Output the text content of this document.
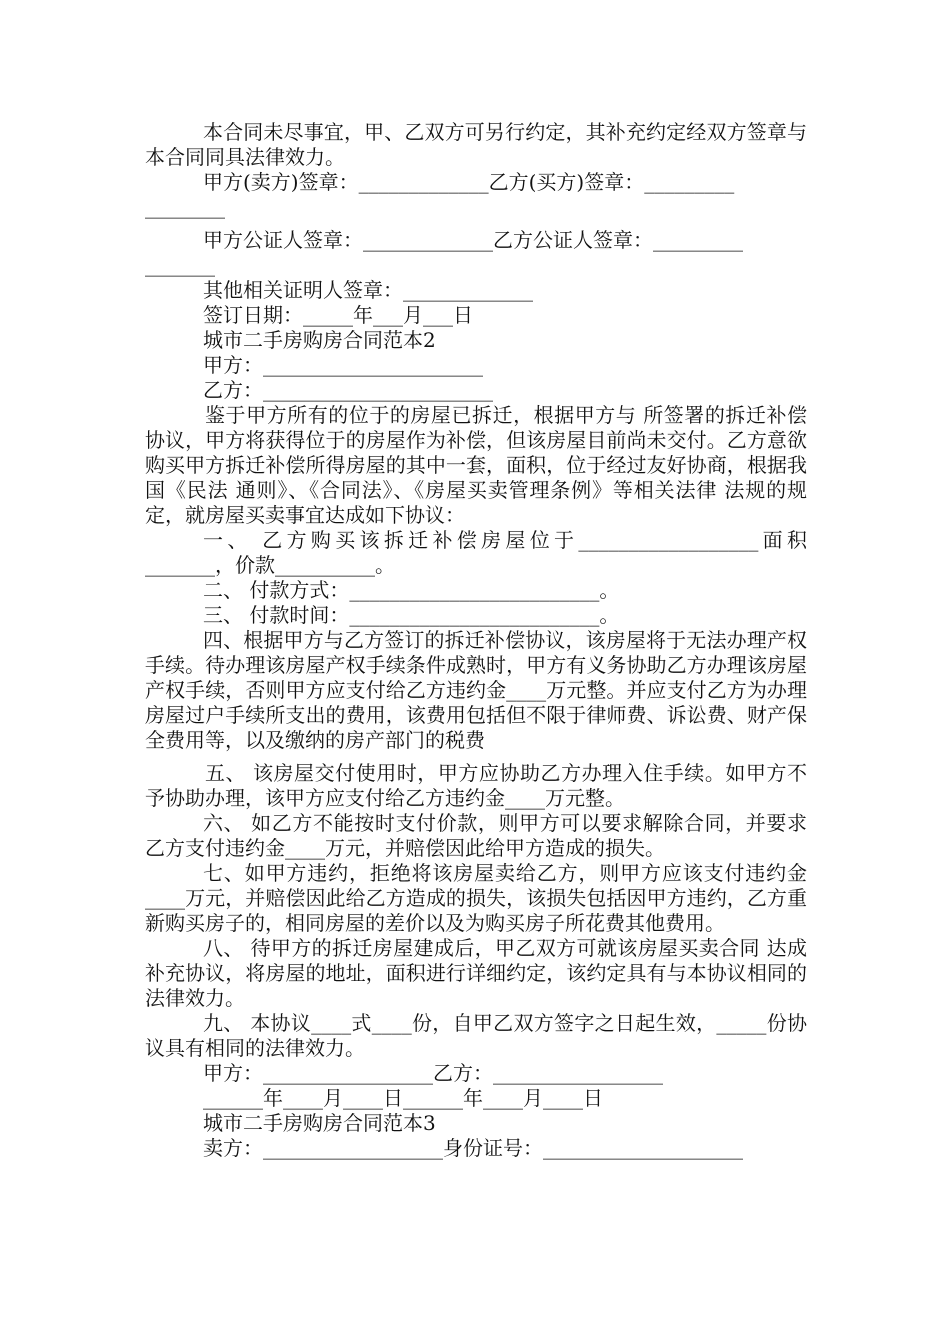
本合同未尽事宜，甲、乙双方可另行约定，其补充约定经双方签章与本合同同具法律效力。

甲方(卖方)签章：_____________乙方(买方)签章：_________

________

甲方公证人签章：_____________乙方公证人签章：_________

_______

其他相关证明人签章：_____________

签订日期：_____年___月___日

城市二手房购房合同范本2

甲方：______________________

乙方：_______________________

鉴于甲方所有的位于的房屋已拆迁，根据甲方与 所签署的拆迁补偿协议，甲方将获得位于的房屋作为补偿，但该房屋目前尚未交付。乙方意欲购买甲方拆迁补偿所得房屋的其中一套，面积，位于经过友好协商，根据我国《民法 通则》、《合同法》、《房屋买卖管理条例》等相关法律 法规的规定，就房屋买卖事宜达成如下协议：

一、 乙方购买该拆迁补偿房屋位于__________________面积_______，价款__________。

二、 付款方式：_________________________。

三、 付款时间：_________________________。

四、根据甲方与乙方签订的拆迁补偿协议，该房屋将于无法办理产权手续。待办理该房屋产权手续条件成熟时，甲方有义务协助乙方办理该房屋产权手续，否则甲方应支付给乙方违约金____万元整。并应支付乙方为办理房屋过户手续所支出的费用，该费用包括但不限于律师费、诉讼费、财产保全费用等，以及缴纳的房产部门的税费

五、 该房屋交付使用时，甲方应协助乙方办理入住手续。如甲方不予协助办理，该甲方应支付给乙方违约金____万元整。

六、 如乙方不能按时支付价款，则甲方可以要求解除合同，并要求乙方支付违约金____万元，并赔偿因此给甲方造成的损失。

七、如甲方违约，拒绝将该房屋卖给乙方，则甲方应该支付违约金____万元，并赔偿因此给乙方造成的损失，该损失包括因甲方违约，乙方重新购买房子的，相同房屋的差价以及为购买房子所花费其他费用。

八、 待甲方的拆迁房屋建成后，甲乙双方可就该房屋买卖合同 达成补充协议，将房屋的地址，面积进行详细约定，该约定具有与本协议相同的法律效力。

九、 本协议____式____份，自甲乙双方签字之日起生效，_____份协议具有相同的法律效力。

甲方：_________________乙方：_________________

______年____月____日______年____月____日

城市二手房购房合同范本3

卖方：__________________身份证号：____________________
